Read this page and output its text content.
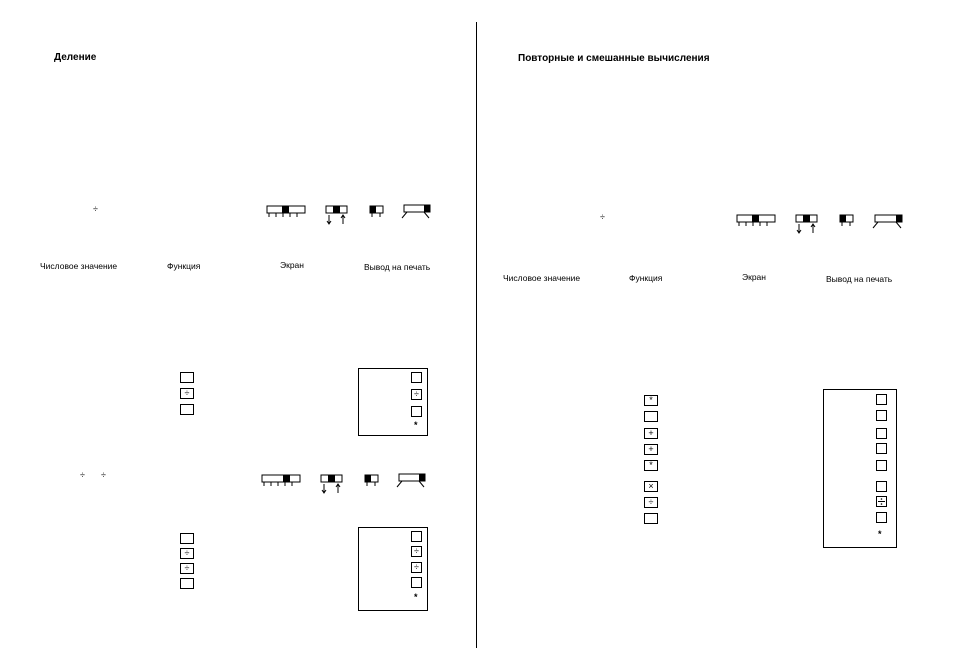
Деление
÷
Числовое значение	Функция	Экран	Вывод на печать
÷	÷
*
÷ ÷
÷
÷
÷
÷
*
Повторные и смешанные вычисления
÷
Числовое значение	Функция	Экран	Вывод на печать
*
+
+
*
×
÷
*
